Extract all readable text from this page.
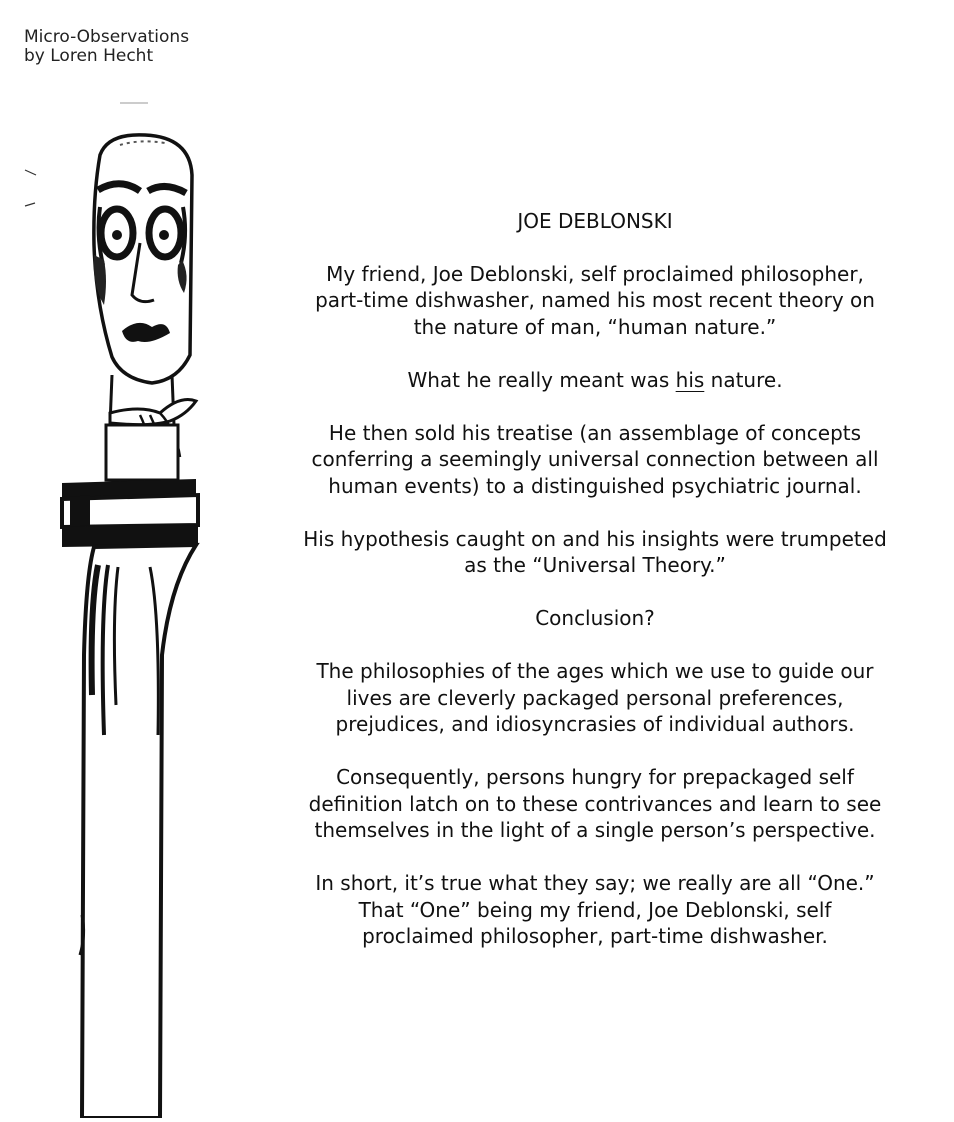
Micro-Observations
by Loren Hecht
JOE DEBLONSKI

My friend, Joe Deblonski, self proclaimed philosopher, part-time dishwasher, named his most recent theory on the nature of man, “human nature.”

What he really meant was his nature.

He then sold his treatise (an assemblage of concepts conferring a seemingly universal connection between all human events) to a distinguished psychiatric journal.

His hypothesis caught on and his insights were trumpeted as the “Universal Theory.”

Conclusion?

The philosophies of the ages which we use to guide our lives are cleverly packaged personal preferences, prejudices, and idiosyncrasies of individual authors.

Consequently, persons hungry for prepackaged self definition latch on to these contrivances and learn to see themselves in the light of a single person’s perspective.

In short, it’s true what they say; we really are all “One.” That “One” being my friend, Joe Deblonski, self proclaimed philosopher, part-time dishwasher.
